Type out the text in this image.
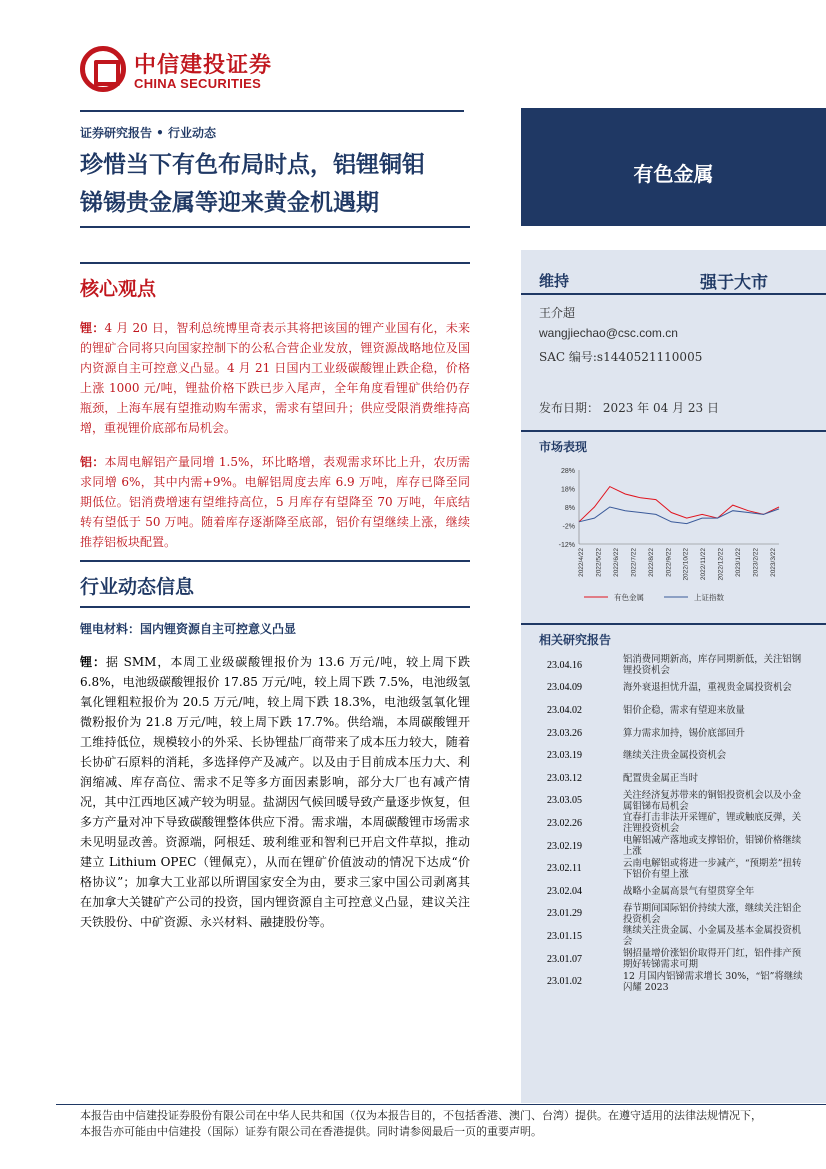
中信建投证券
CHINA SECURITIES
证券研究报告 • 行业动态
珍惜当下有色布局时点，铝锂铜钼
锑锡贵金属等迎来黄金机遇期
有色金属
维持	强于大市
王介超
wangjiechao@csc.com.cn
SAC 编号:s1440521110005
发布日期： 2023 年 04 月 23 日
市场表现
28%
18%
8%
-2%
-12%
2022/4/22 2022/5/22 2022/6/22 2022/7/22 2022/8/22 2022/9/22 2022/10/22 2022/11/22 2022/12/22 2023/1/22 2023/2/22 2023/3/22
有色金属	上证指数
相关研究报告
23.04.16	铝消费同期新高，库存同期新低，关注铝钢锂投资机会
23.04.09	海外衰退担忧升温，重视贵金属投资机会
23.04.02	钼价企稳，需求有望迎来放量
23.03.26	算力需求加持，锡价底部回升
23.03.19	继续关注贵金属投资机会
23.03.12	配置贵金属正当时
23.03.05	关注经济复苏带来的铜铝投资机会以及小金属钼锑布局机会
23.02.26	宜春打击非法开采锂矿，锂或触底反弹，关注锂投资机会
23.02.19	电解铝减产落地或支撑铝价，钼锑价格继续上涨
23.02.11	云南电解铝或将进一步减产，“预期差”扭转下铝价有望上涨
23.02.04	战略小金属高景气有望贯穿全年
23.01.29	春节期间国际铝价持续大涨，继续关注铝企投资机会
23.01.15	继续关注贵金属、小金属及基本金属投资机会
23.01.07	钢招量增价涨铝价取得开门红，铝件排产预期好转锑需求可期
23.01.02	12 月国内铝锑需求增长 30%，“铝”将继续闪耀 2023
核心观点
锂：4 月 20 日，智利总统博里奇表示其将把该国的锂产业国有化，未来的锂矿合同将只向国家控制下的公私合营企业发放，锂资源战略地位及国内资源自主可控意义凸显。4 月 21 日国内工业级碳酸锂止跌企稳，价格上涨 1000 元/吨，锂盐价格下跌已步入尾声，全年角度看锂矿供给仍存瓶颈，上海车展有望推动购车需求，需求有望回升；供应受限消费维持高增，重视锂价底部布局机会。
铝：本周电解铝产量同增 1.5%，环比略增，表观需求环比上升，农历需求同增 6%，其中内需+9%。电解铝周度去库 6.9 万吨，库存已降至同期低位。铝消费增速有望维持高位，5 月库存有望降至 70 万吨，年底结转有望低于 50 万吨。随着库存逐渐降至底部，铝价有望继续上涨，继续推荐铝板块配置。
行业动态信息
锂电材料：国内锂资源自主可控意义凸显
锂：据 SMM，本周工业级碳酸锂报价为 13.6 万元/吨，较上周下跌 6.8%，电池级碳酸锂报价 17.85 万元/吨，较上周下跌 7.5%，电池级氢氧化锂粗粒报价为 20.5 万元/吨，较上周下跌 18.3%，电池级氢氧化锂微粉报价为 21.8 万元/吨，较上周下跌 17.7%。供给端，本周碳酸锂开工维持低位，规模较小的外采、长协锂盐厂商带来了成本压力较大，随着长协矿石原料的消耗，多选择停产及减产。以及由于目前成本压力大、利润缩减、库存高位、需求不足等多方面因素影响，部分大厂也有减产情况，其中江西地区减产较为明显。盐湖因气候回暖导致产量逐步恢复，但多方产量对冲下导致碳酸锂整体供应下滑。需求端，本周碳酸锂市场需求未见明显改善。资源端，阿根廷、玻利维亚和智利已开启文件草拟，推动建立 Lithium OPEC（锂佩克），从而在锂矿价值波动的情况下达成“价格协议”；加拿大工业部以所谓国家安全为由，要求三家中国公司剥离其在加拿大关键矿产公司的投资，国内锂资源自主可控意义凸显，建议关注天铁股份、中矿资源、永兴材料、融捷股份等。
本报告由中信建投证券股份有限公司在中华人民共和国（仅为本报告目的，不包括香港、澳门、台湾）提供。在遵守适用的法律法规情况下，
本报告亦可能由中信建投（国际）证券有限公司在香港提供。同时请参阅最后一页的重要声明。
